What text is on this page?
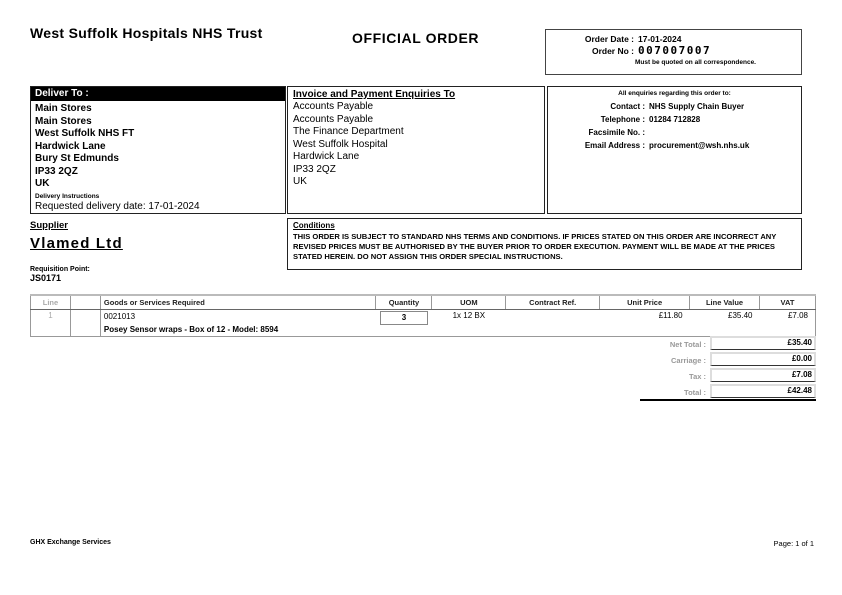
West Suffolk Hospitals NHS Trust	OFFICIAL ORDER	Order Date : 17-01-2024
Order No : 007007007
Must be quoted on all correspondence.
Deliver To :
Main Stores
Main Stores
West Suffolk NHS FT
Hardwick Lane
Bury St Edmunds
IP33 2QZ
UK
Delivery Instructions
Requested delivery date: 17-01-2024
Invoice and Payment Enquiries To
Accounts Payable
Accounts Payable
The Finance Department
West Suffolk Hospital
Hardwick Lane
IP33 2QZ
UK
All enquiries regarding this order to:
Contact : NHS Supply Chain Buyer
Telephone : 01284 712828
Facsimile No. :
Email Address : procurement@wsh.nhs.uk
Supplier
Vlamed Ltd
Requisition Point:
JS0171
Conditions
THIS ORDER IS SUBJECT TO STANDARD NHS TERMS AND CONDITIONS. IF PRICES STATED ON THIS ORDER ARE INCORRECT ANY REVISED PRICES MUST BE AUTHORISED BY THE BUYER PRIOR TO ORDER EXECUTION. PAYMENT WILL BE MADE AT THE PRICES STATED HEREIN. DO NOT ASSIGN THIS ORDER SPECIAL INSTRUCTIONS.
Line		Goods or Services Required	Quantity	UOM	Contract Ref.	Unit Price	Line Value	VAT
1		0021013
Posey Sensor wraps - Box of 12 - Model: 8594	3	1x 12 BX		£11.80	£35.40	£7.08
Net Total :	£35.40
Carriage :	£0.00
Tax :	£7.08
Total :	£42.48
GHX Exchange Services	Page: 1 of 1
